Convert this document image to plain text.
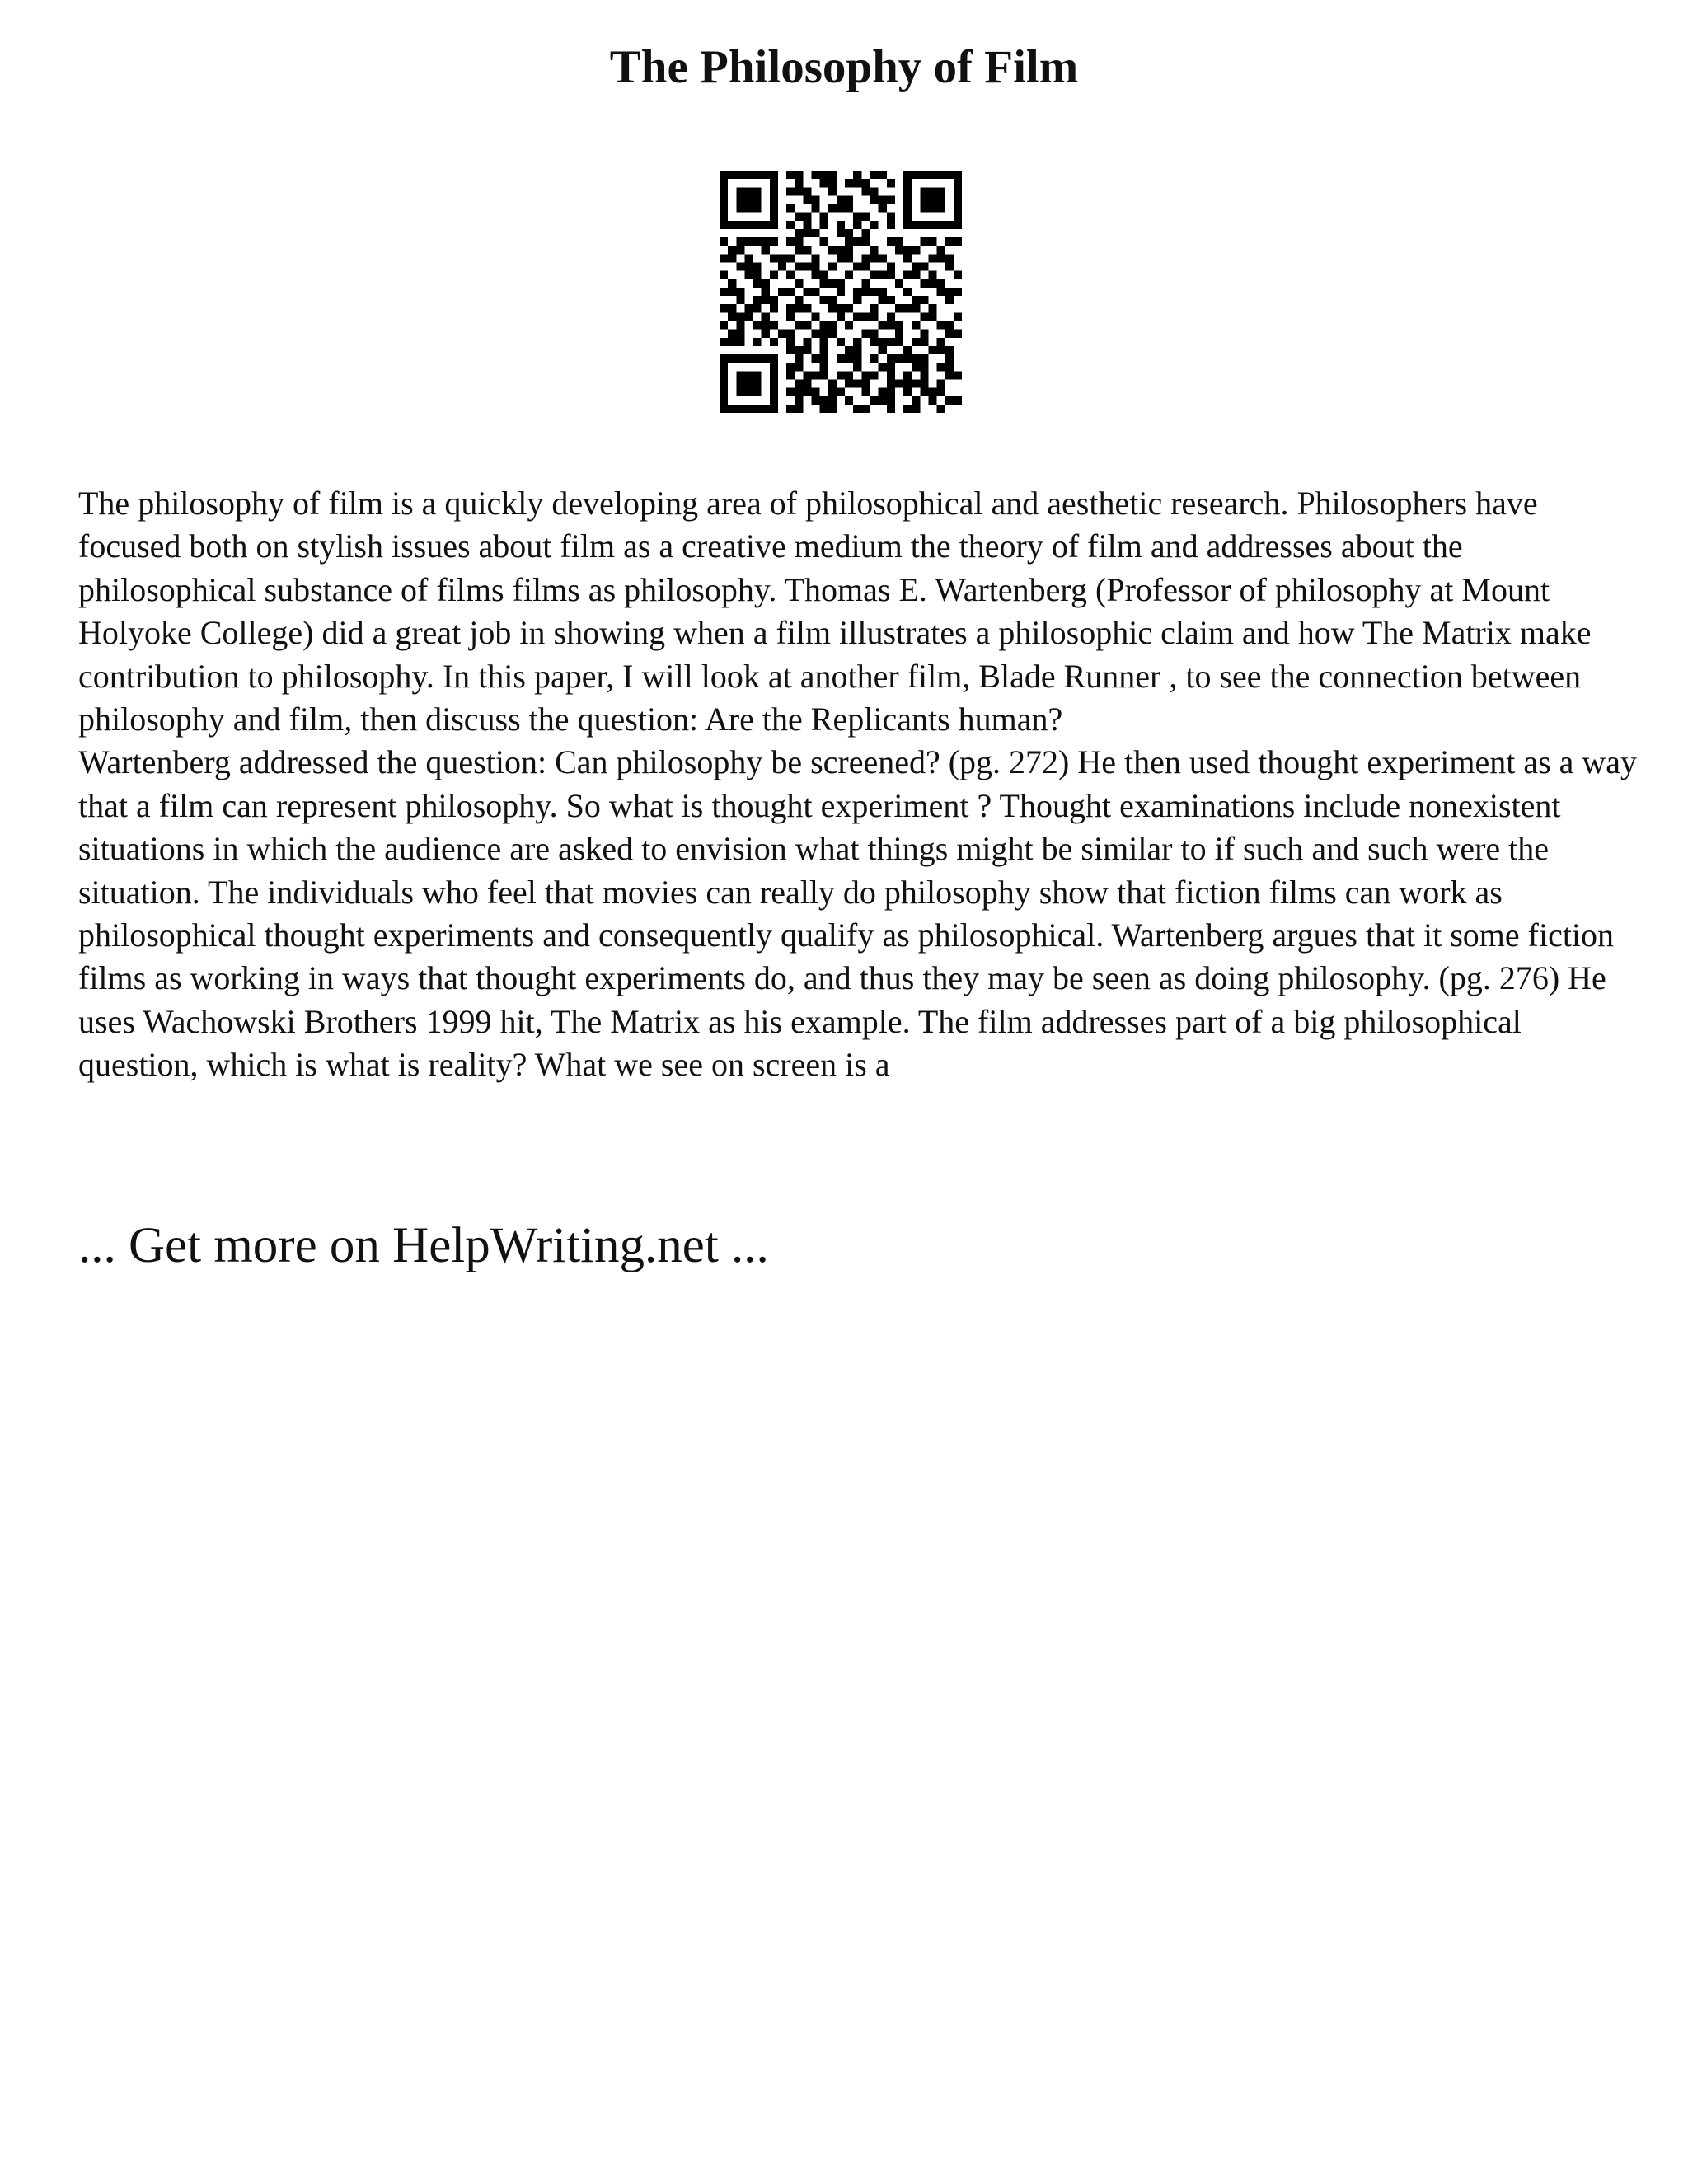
The Philosophy of Film

The philosophy of film is a quickly developing area of philosophical and aesthetic research. Philosophers have focused both on stylish issues about film as a creative medium the theory of film and addresses about the philosophical substance of films films as philosophy. Thomas E. Wartenberg (Professor of philosophy at Mount Holyoke College) did a great job in showing when a film illustrates a philosophic claim and how The Matrix make contribution to philosophy. In this paper, I will look at another film, Blade Runner , to see the connection between philosophy and film, then discuss the question: Are the Replicants human?

Wartenberg addressed the question: Can philosophy be screened? (pg. 272) He then used thought experiment as a way that a film can represent philosophy. So what is thought experiment ? Thought examinations include nonexistent situations in which the audience are asked to envision what things might be similar to if such and such were the situation. The individuals who feel that movies can really do philosophy show that fiction films can work as philosophical thought experiments and consequently qualify as philosophical. Wartenberg argues that it some fiction films as working in ways that thought experiments do, and thus they may be seen as doing philosophy. (pg. 276) He uses Wachowski Brothers 1999 hit, The Matrix as his example. The film addresses part of a big philosophical question, which is what is reality? What we see on screen is a

... Get more on HelpWriting.net ...
